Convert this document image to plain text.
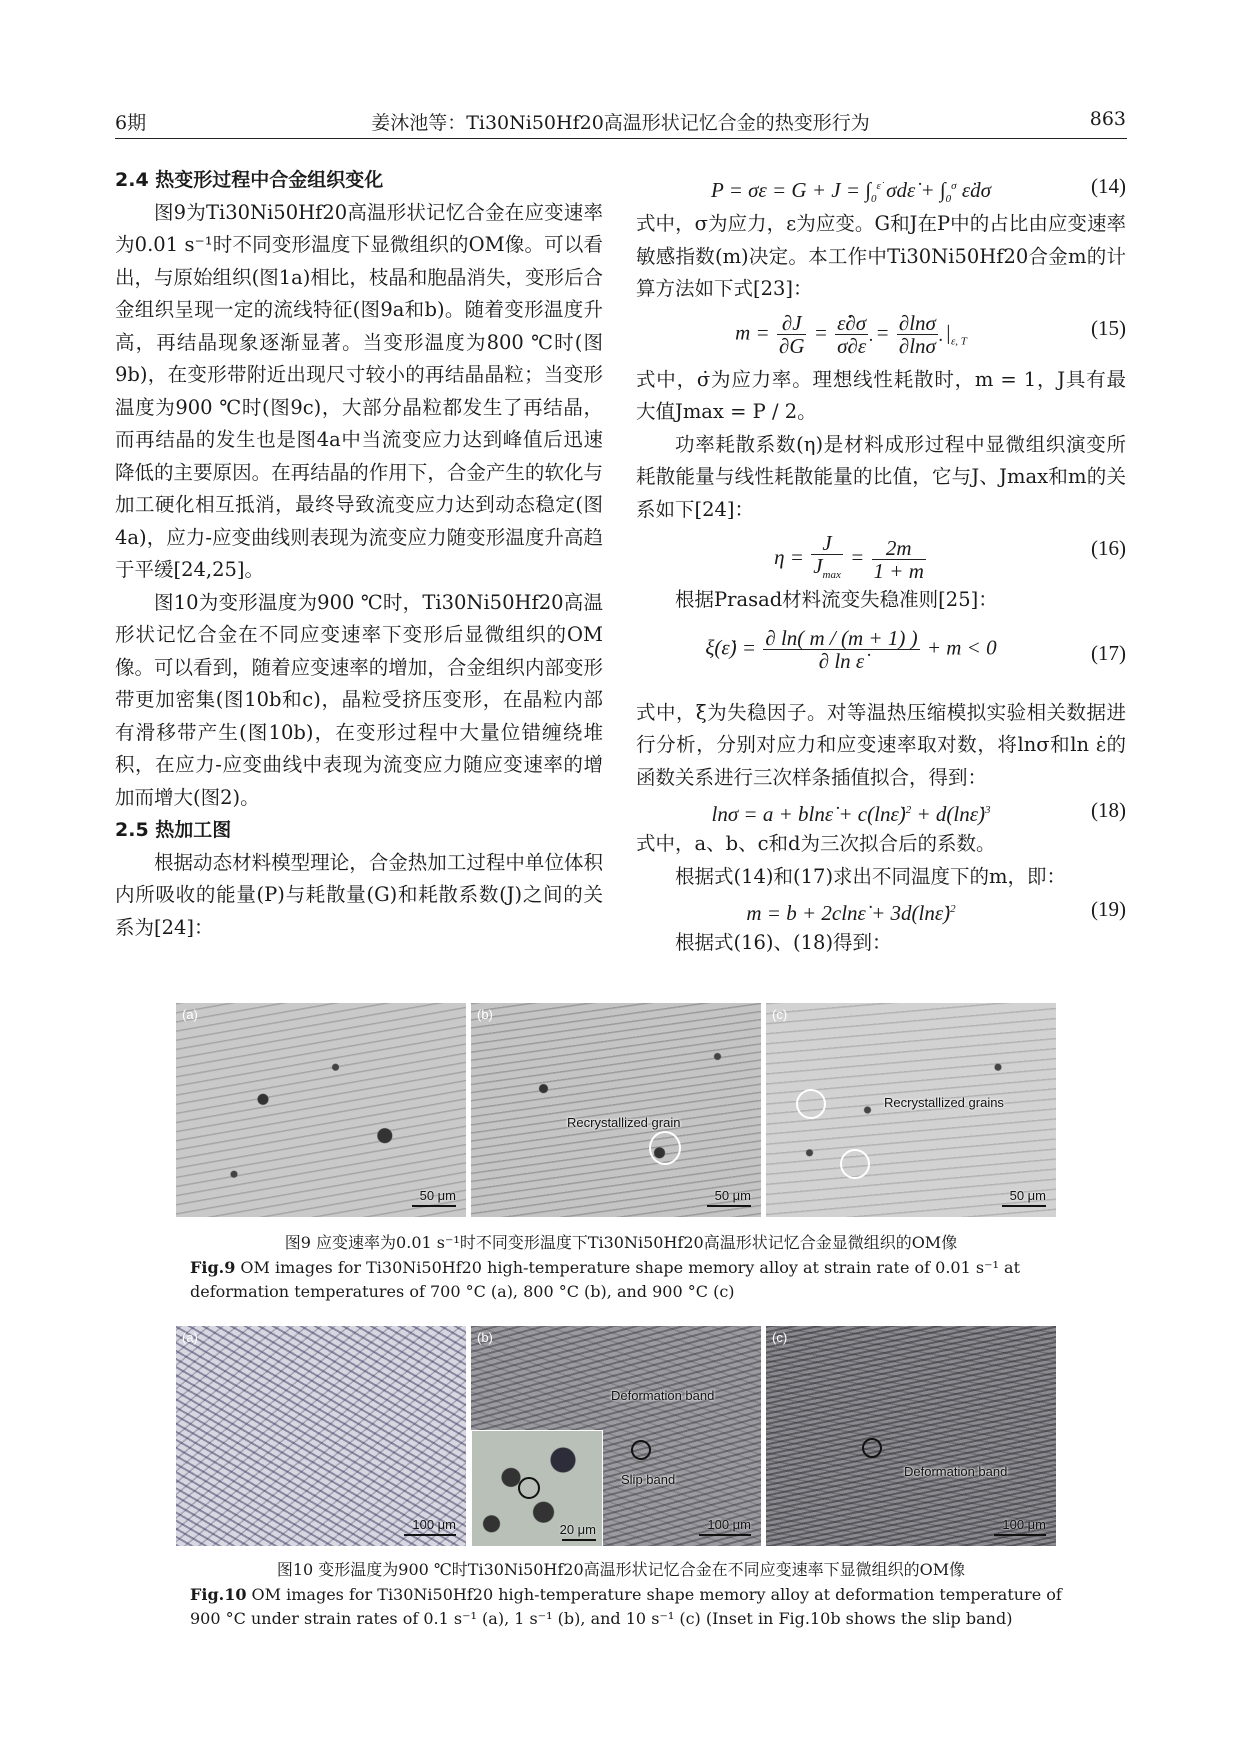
6期	姜沐池等：Ti30Ni50Hf20高温形状记忆合金的热变形行为	863

2.4 热变形过程中合金组织变化

图9为Ti30Ni50Hf20高温形状记忆合金在应变速率为0.01 s⁻¹时不同变形温度下显微组织的OM像。可以看出，与原始组织(图1a)相比，枝晶和胞晶消失，变形后合金组织呈现一定的流线特征(图9a和b)。随着变形温度升高，再结晶现象逐渐显著。当变形温度为800 ℃时(图9b)，在变形带附近出现尺寸较小的再结晶晶粒；当变形温度为900 ℃时(图9c)，大部分晶粒都发生了再结晶，而再结晶的发生也是图4a中当流变应力达到峰值后迅速降低的主要原因。在再结晶的作用下，合金产生的软化与加工硬化相互抵消，最终导致流变应力达到动态稳定(图4a)，应力-应变曲线则表现为流变应力随变形温度升高趋于平缓[24,25]。

图10为变形温度为900 ℃时，Ti30Ni50Hf20高温形状记忆合金在不同应变速率下变形后显微组织的OM像。可以看到，随着应变速率的增加，合金组织内部变形带更加密集(图10b和c)，晶粒受挤压变形，在晶粒内部有滑移带产生(图10b)，在变形过程中大量位错缠绕堆积，在应力-应变曲线中表现为流变应力随应变速率的增加而增大(图2)。

2.5 热加工图

根据动态材料模型理论，合金热加工过程中单位体积内所吸收的能量(P)与耗散量(G)和耗散系数(J)之间的关系为[24]：

$P = \sigma\varepsilon = G + J = \int_0^{\varepsiloṅ}$ σdε̇ + $\int_0^\sigma$ ε̇dσ	(14)

式中，σ为应力，ε为应变。G和J在P中的占比由应变速率敏感指数(m)决定。本工作中Ti30Ni50Hf20合金m的计算方法如下式[23]：

$m = \frac{\partial J}{\partial G} = \frac{\varepsiloṅ\partial\sigma}{\sigma\partial\varepsiloṅ} = \frac{\partial\ln\sigma}{\partial\ln\sigmȧ} |_{\varepsilon, T}$
(15)

式中，σ̇为应力率。理想线性耗散时，m = 1，J具有最大值Jmax = P / 2。

功率耗散系数(η)是材料成形过程中显微组织演变所耗散能量与线性耗散能量的比值，它与J、Jmax和m的关系如下[24]：

$\eta = \frac{J}{J_{max}} = \frac{2m}{1 + m}$	(16)

根据Prasad材料流变失稳准则[25]：

ξ(ε̇) = $\frac{\partial \ln( m / (m + 1) )}{\text{∂ ln ε̇}} + m < 0$	(17)

式中，ξ为失稳因子。对等温热压缩模拟实验相关数据进行分析，分别对应力和应变速率取对数，将lnσ和ln ε̇的函数关系进行三次样条插值拟合，得到：

lnσ = a + blnε̇ + c(lnε̇)$^2$ + d(lnε̇)$^3$	(18)

式中，a、b、c和d为三次拟合后的系数。

根据式(14)和(17)求出不同温度下的m，即：

m = b + 2clnε̇ + 3d(lnε̇)$^2$	(19)

根据式(16)、(18)得到：

(a)
50 μm
(b)
Recrystallized grain
50 μm
(c)
Recrystallized grains
50 μm
图9 应变速率为0.01 s⁻¹时不同变形温度下Ti30Ni50Hf20高温形状记忆合金显微组织的OM像
Fig.9 OM images for Ti30Ni50Hf20 high-temperature shape memory alloy at strain rate of 0.01 s⁻¹ at deformation temperatures of 700 °C (a), 800 °C (b), and 900 °C (c)
(a)
100 μm
(b)
Deformation band
20 μm
Slip band
100 μm
(c)
Deformation band
100 μm
图10 变形温度为900 ℃时Ti30Ni50Hf20高温形状记忆合金在不同应变速率下显微组织的OM像
Fig.10 OM images for Ti30Ni50Hf20 high-temperature shape memory alloy at deformation temperature of 900 °C under strain rates of 0.1 s⁻¹ (a), 1 s⁻¹ (b), and 10 s⁻¹ (c) (Inset in Fig.10b shows the slip band)
